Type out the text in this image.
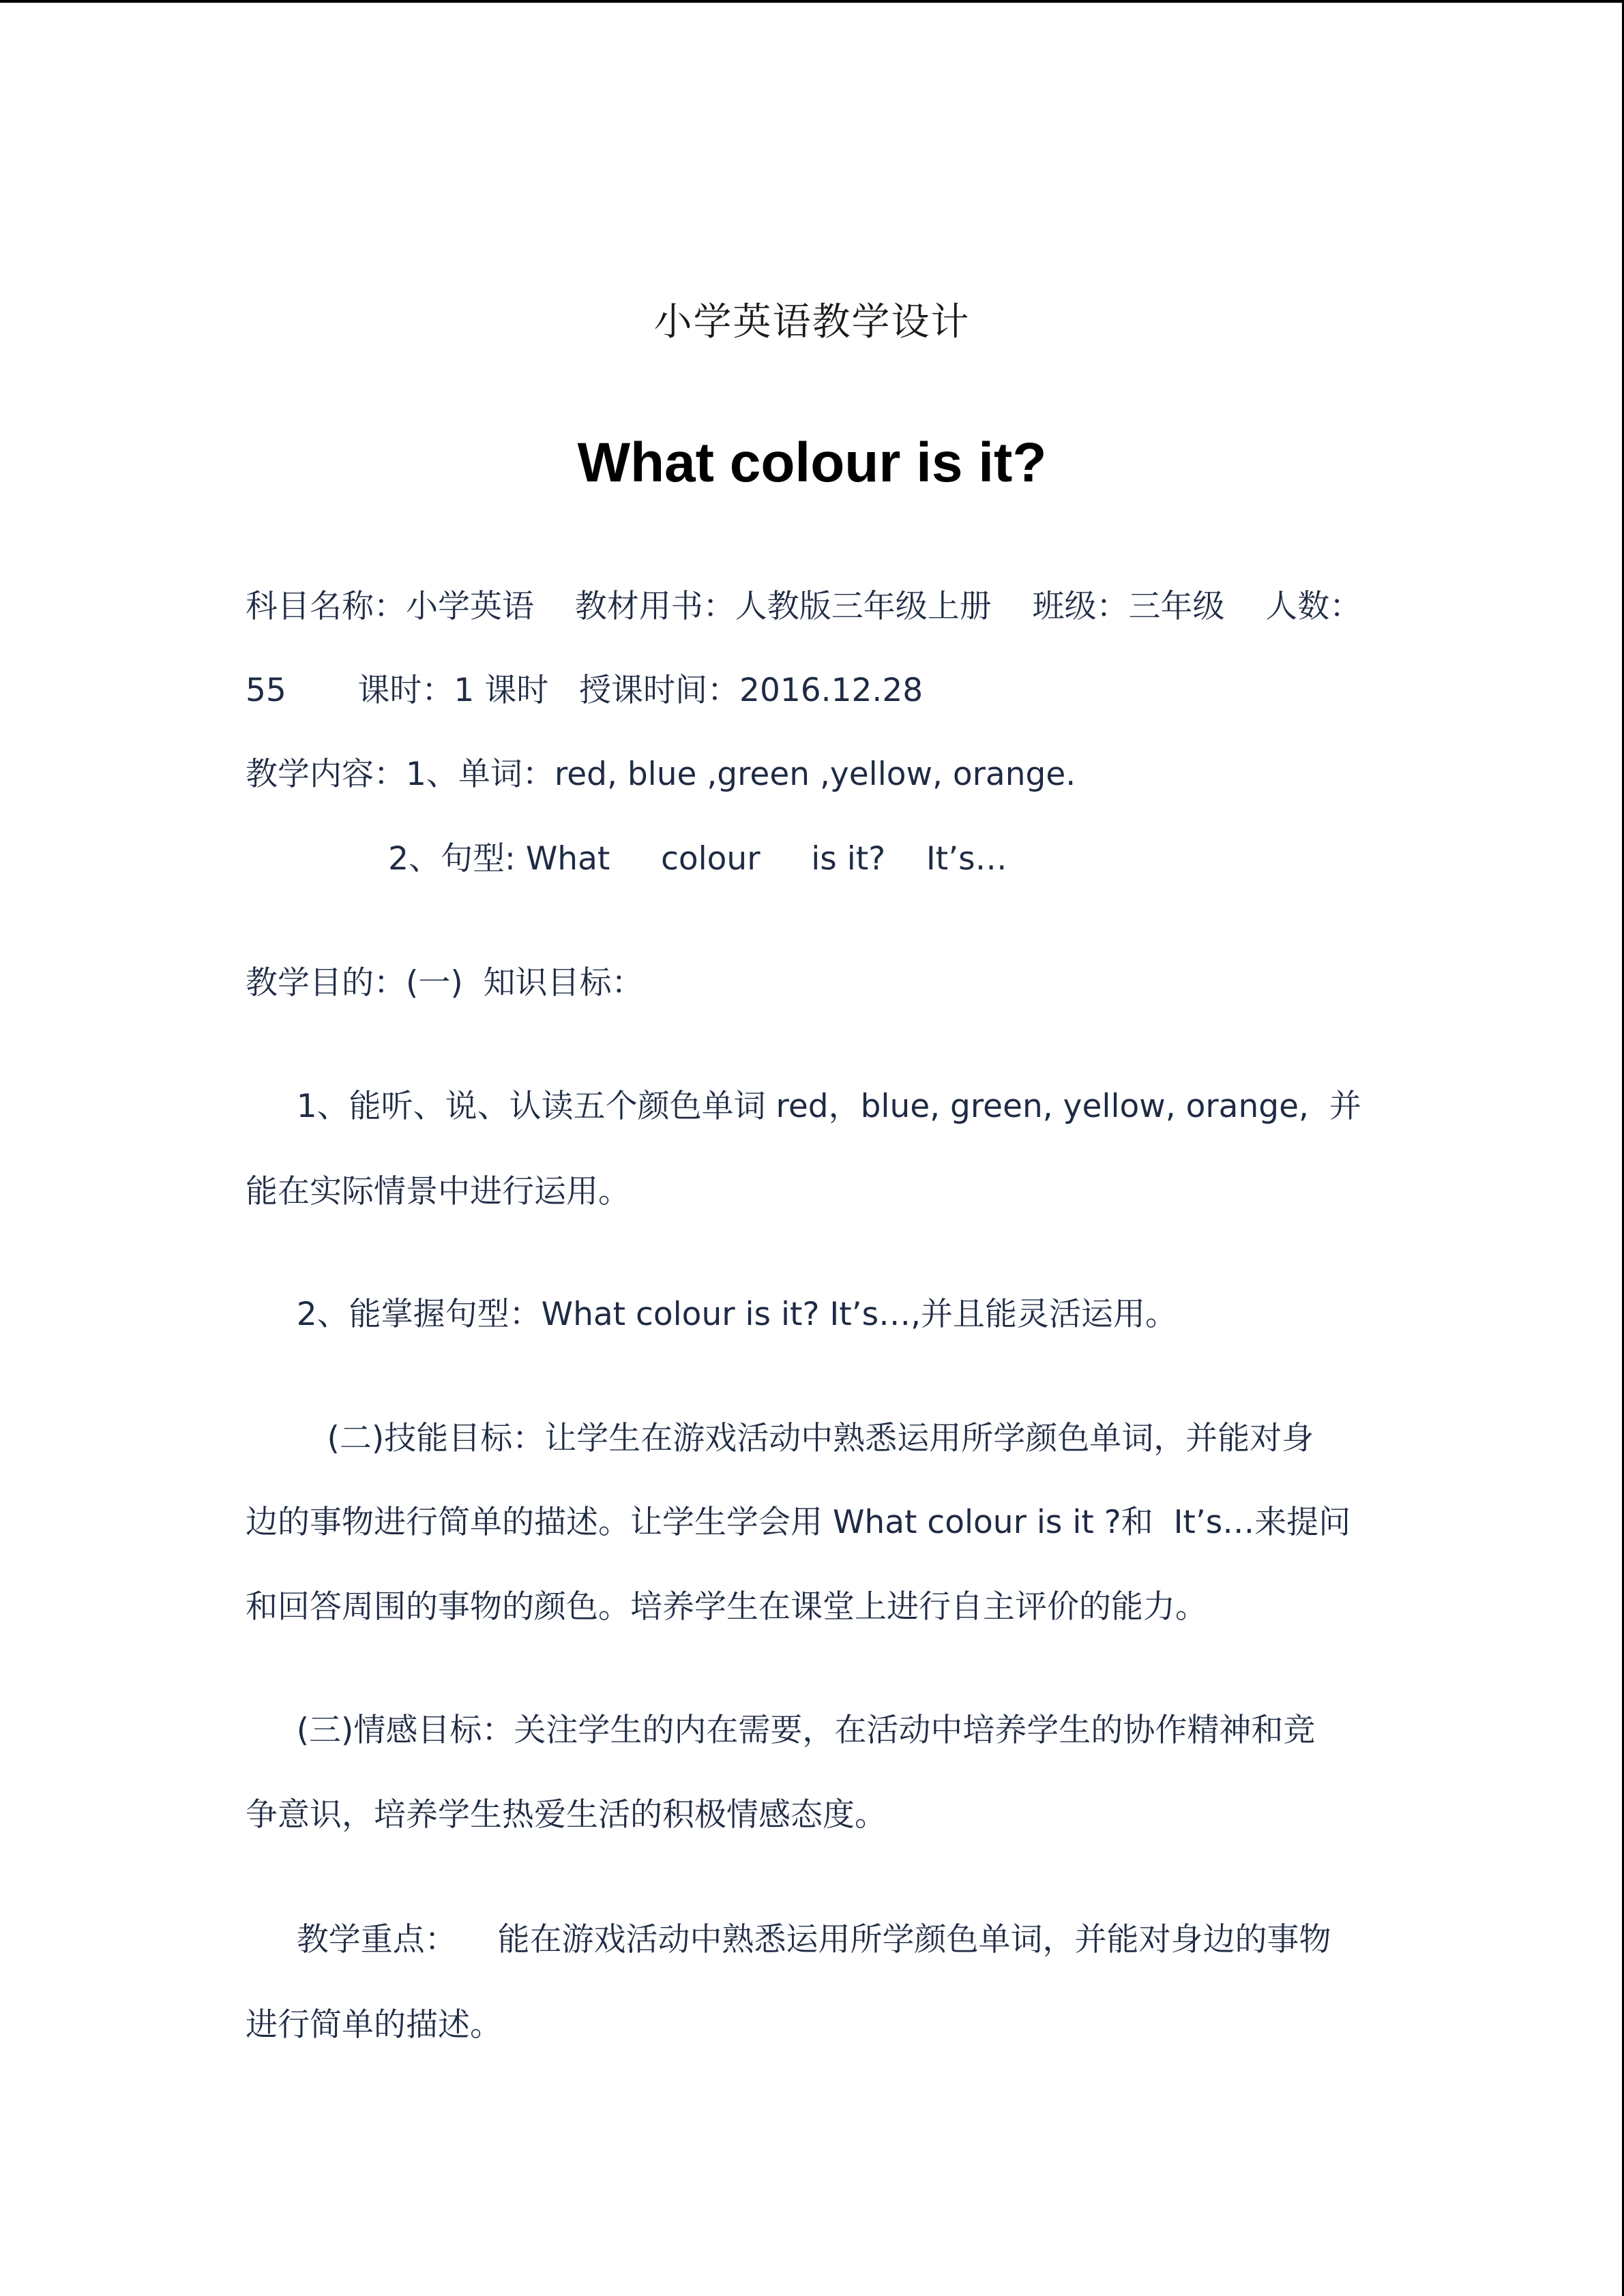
小学英语教学设计
What colour is it?
科目名称：小学英语    教材用书：人教版三年级上册    班级：三年级    人数：
55       课时：1 课时   授课时间：2016.12.28
教学内容：1、单词：red, blue ,green ,yellow, orange.
2、句型: What     colour     is it?    It’s…
教学目的：(一)  知识目标：
1、能听、说、认读五个颜色单词 red，blue, green, yellow, orange,  并
能在实际情景中进行运用。
2、能掌握句型：What colour is it? It’s…,并且能灵活运用。
(二)技能目标：让学生在游戏活动中熟悉运用所学颜色单词，并能对身
边的事物进行简单的描述。让学生学会用 What colour is it ?和  It’s…来提问
和回答周围的事物的颜色。培养学生在课堂上进行自主评价的能力。
(三)情感目标：关注学生的内在需要，在活动中培养学生的协作精神和竞
争意识，培养学生热爱生活的积极情感态度。
教学重点：    能在游戏活动中熟悉运用所学颜色单词，并能对身边的事物
进行简单的描述。
